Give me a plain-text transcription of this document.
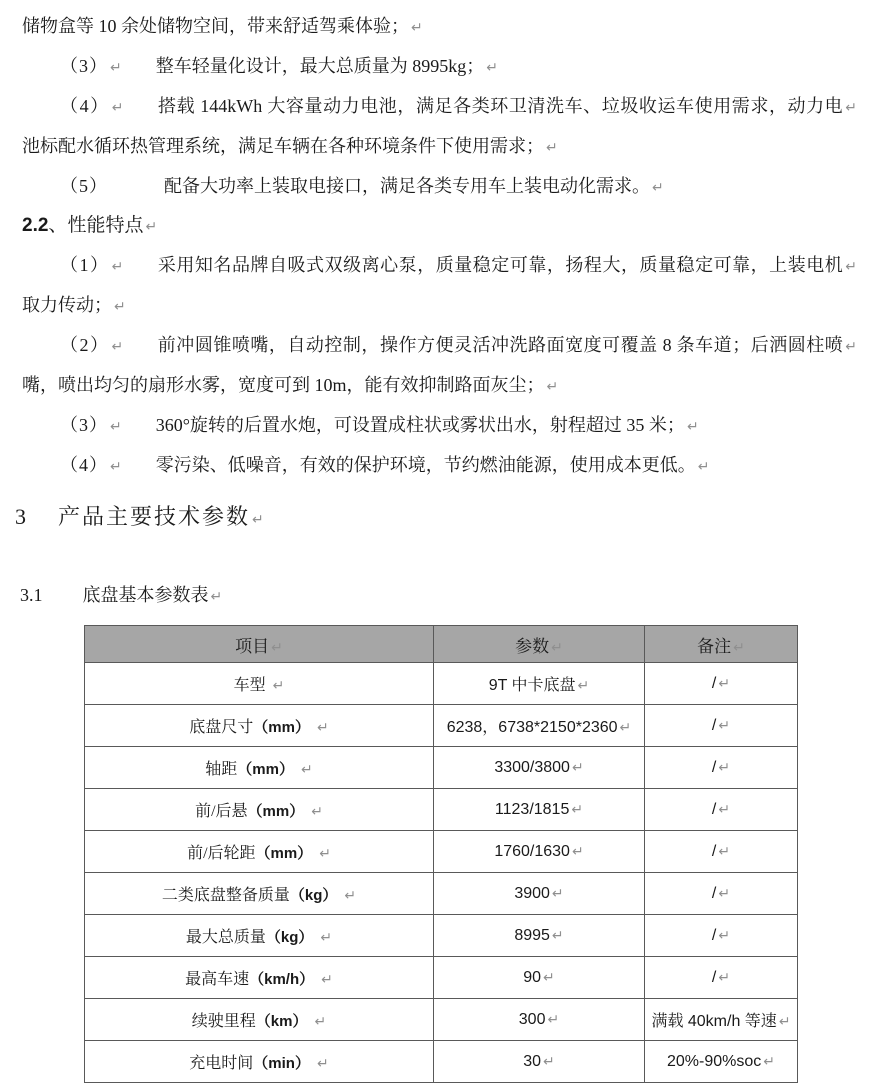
储物盒等 10 余处储物空间，带来舒适驾乘体验； ↵
（3） ↵ 整车轻量化设计，最大总质量为 8995kg； ↵
（4） ↵ 搭载 144kWh 大容量动力电池，满足各类环卫清洗车、垃圾收运车使用需求，动力电 ↵
池标配水循环热管理系统，满足车辆在各种环境条件下使用需求； ↵
（5）	配备大功率上装取电接口，满足各类专用车上装电动化需求。 ↵
2.2、性能特点 ↵
（1） ↵ 采用知名品牌自吸式双级离心泵，质量稳定可靠，扬程大，质量稳定可靠，上装电机 ↵
取力传动； ↵
（2） ↵ 前冲圆锥喷嘴，自动控制，操作方便灵活冲洗路面宽度可覆盖 8 条车道；后洒圆柱喷 ↵
嘴，喷出均匀的扇形水雾，宽度可到 10m，能有效抑制路面灰尘； ↵
（3） ↵ 360°旋转的后置水炮，可设置成柱状或雾状出水，射程超过 35 米； ↵
（4） ↵ 零污染、低噪音，有效的保护环境，节约燃油能源，使用成本更低。 ↵
3 产品主要技术参数 ↵
3.1 底盘基本参数表 ↵
项目 ↵	参数 ↵	备注 ↵
车型 ↵	9T 中卡底盘 ↵	/ ↵
底盘尺寸（mm） ↵	6238，6738*2150*2360 ↵	/ ↵
轴距（mm） ↵	3300/3800 ↵	/ ↵
前/后悬（mm） ↵	1123/1815 ↵	/ ↵
前/后轮距（mm） ↵	1760/1630 ↵	/ ↵
二类底盘整备质量（kg） ↵	3900 ↵	/ ↵
最大总质量（kg） ↵	8995 ↵	/ ↵
最高车速（km/h） ↵	90 ↵	/ ↵
续驶里程（km） ↵	300 ↵	满载 40km/h 等速 ↵
充电时间（min） ↵	30 ↵	20%-90%soc ↵
